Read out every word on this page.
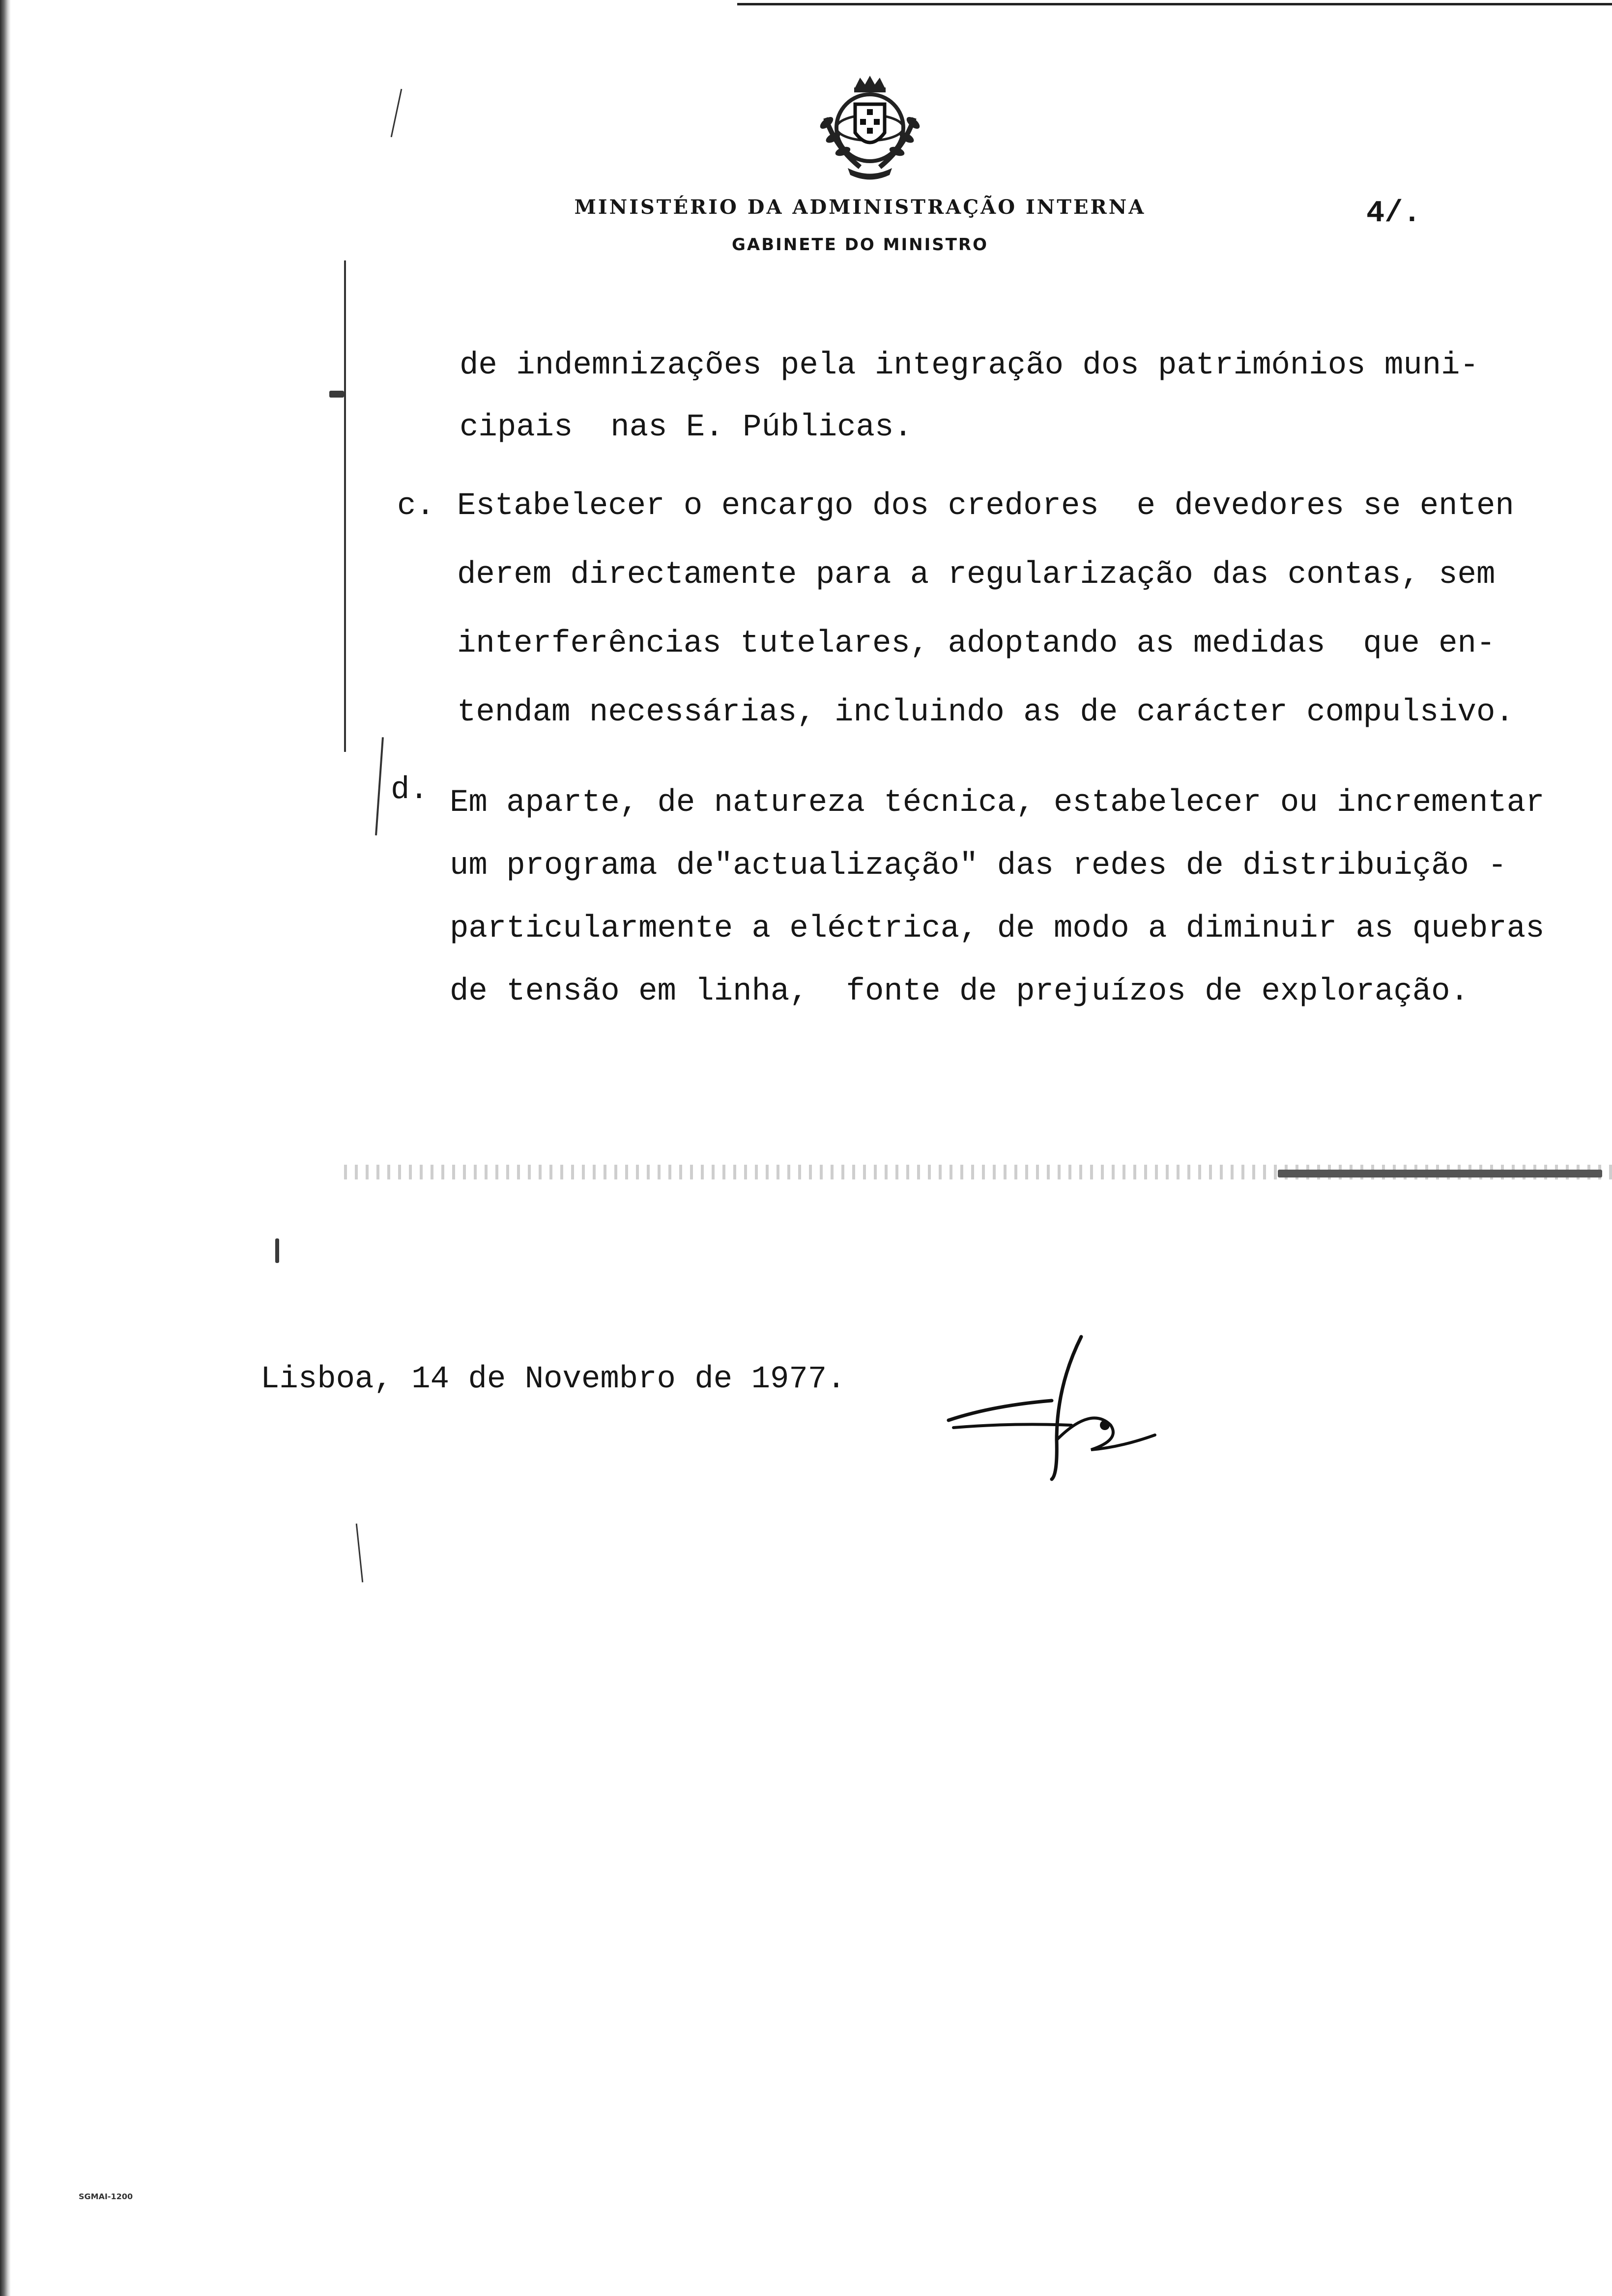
MINISTÉRIO DA ADMINISTRAÇÃO INTERNA
GABINETE DO MINISTRO
4/.
de indemnizações pela integração dos patrimónios muni-
cipais  nas E. Públicas.
c. Estabelecer o encargo dos credores  e devedores se enten
derem directamente para a regularização das contas, sem
interferências tutelares, adoptando as medidas  que en-
tendam necessárias, incluindo as de carácter compulsivo.
d. Em aparte, de natureza técnica, estabelecer ou incrementar
um programa de"actualização" das redes de distribuição -
particularmente a eléctrica, de modo a diminuir as quebras
de tensão em linha,  fonte de prejuízos de exploração.
Lisboa, 14 de Novembro de 1977.
SGMAI-1200
